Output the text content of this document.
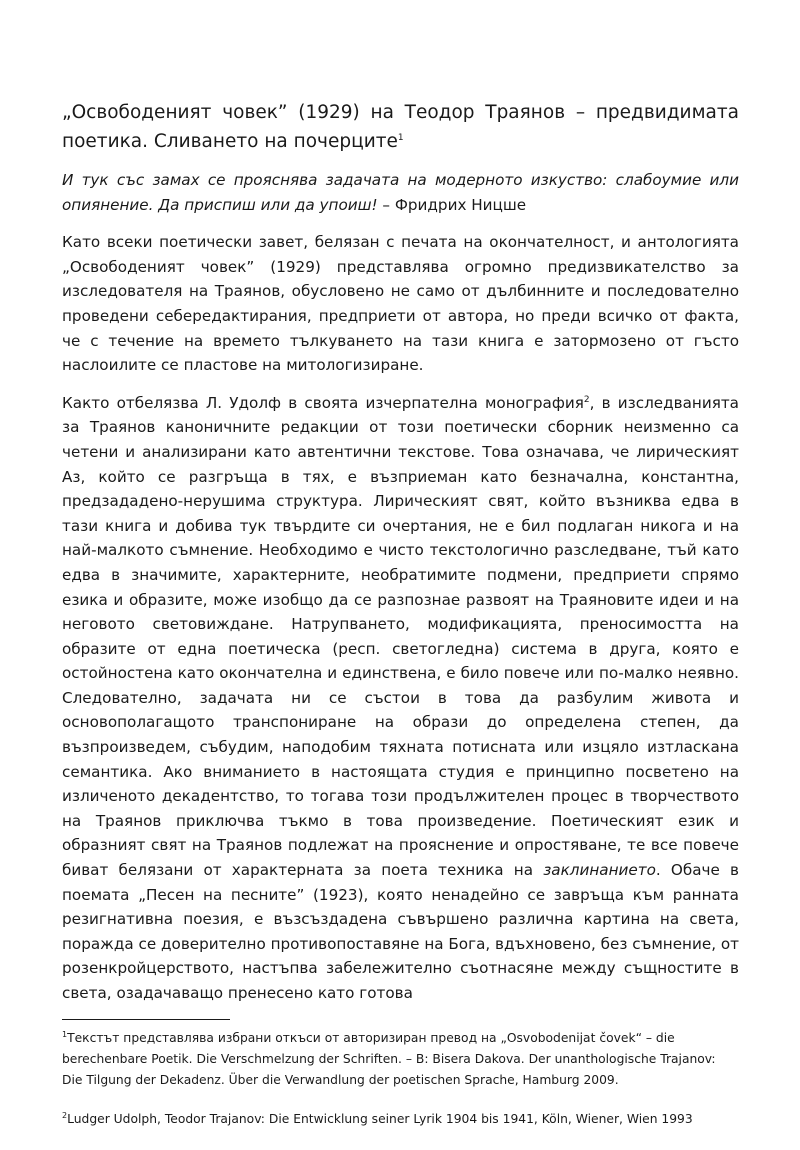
„Освободеният човек” (1929) на Теодор Траянов – предвидимата поетика. Сливането на почерците$^1$

И тук със замах се прояснява задачата на модерното изкуство: слабоумие или опиянение. Да приспиш или да упоиш! – Фридрих Ницше

Като всеки поетически завет, белязан с печата на окончателност, и антологията „Освободеният човек” (1929) представлява огромно предизвикателство за изследователя на Траянов, обусловено не само от дълбинните и последователно проведени себередактирания, предприети от автора, но преди всичко от факта, че с течение на времето тълкуването на тази книга е затормозено от гъсто наслоилите се пластове на митологизиране.

Както отбелязва Л. Удолф в своята изчерпателна монография$^2$, в изследванията за Траянов каноничните редакции от този поетически сборник неизменно са четени и анализирани като автентични текстове. Това означава, че лирическият Аз, който се разгръща в тях, е възприеман като безначална, константна, предзададено-нерушима структура. Лирическият свят, който възниква едва в тази книга и добива тук твърдите си очертания, не е бил подлаган никога и на най-малкото съмнение. Необходимо е чисто текстологично разследване, тъй като едва в значимите, характерните, необратимите подмени, предприети спрямо езика и образите, може изобщо да се разпознае развоят на Траяновите идеи и на неговото световиждане. Натрупването, модификацията, преносимостта на образите от една поетическа (респ. светогледна) система в друга, която е остойностена като окончателна и единствена, е било повече или по-малко неявно. Следователно, задачата ни се състои в това да разбулим живота и основополагащото транспониране на образи до определена степен, да възпроизведем, събудим, наподобим тяхната потисната или изцяло изтласкана семантика. Ако вниманието в настоящата студия е принципно посветено на изличеното декадентство, то тогава този продължителен процес в творчеството на Траянов приключва тъкмо в това произведение. Поетическият език и образният свят на Траянов подлежат на прояснение и опростяване, те все повече биват белязани от характерната за поета техника на заклинанието. Обаче в поемата „Песен на песните” (1923), която ненадейно се завръща към ранната резигнативна поезия, е възсъздадена съвършено различна картина на света, поражда се доверително противопоставяне на Бога, вдъхновено, без съмнение, от розенкройцерството, настъпва забележително съотнасяне между същностите в света, озадачаващо пренесено като готова

$^1$Текстът представлява избрани откъси от авторизиран превод на „Osvobodenijat čovek“ – die berechenbare Poetik. Die Verschmelzung der Schriften. – B: Bisera Dakova. Der unanthologische Trajanov: Die Tilgung der Dekadenz. Über die Verwandlung der poetischen Sprache, Hamburg 2009.

$^2$Ludger Udolph, Teodor Trajanov: Die Entwicklung seiner Lyrik 1904 bis 1941, Köln, Wiener, Wien 1993
